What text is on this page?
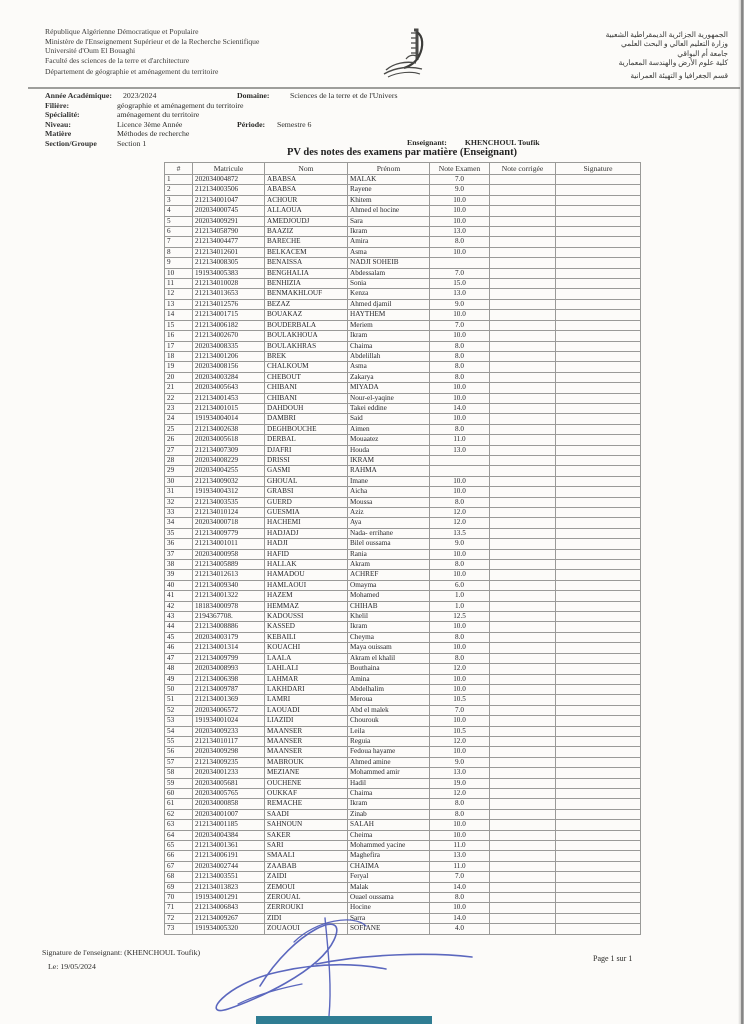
République Algérienne Démocratique et Populaire
Ministère de l'Enseignement Supérieur et de la Recherche Scientifique
Université d'Oum El Bouaghi
Faculté des sciences de la terre et d'architecture
Département de géographie et aménagement du territoire
الجمهورية الجزائرية الديمقراطية الشعبية
وزارة التعليم العالي و البحث العلمي
جامعة أم البواقي
كلية علوم الأرض والهندسة المعمارية
قسم الجغرافيا و التهيئة العمرانية
Année Académique: 2023/2024	Domaine:	Sciences de la terre et de l'Univers
Filière:	géographie et aménagement du territoire
Spécialité:	aménagement du territoire
Niveau:	Licence 3ème Année	Période: Semestre 6
Matière	Méthodes de recherche
Section/Groupe	Section 1	Enseignant: KHENCHOUL Toufik
PV des notes des examens par matière (Enseignant)
#	Matricule	Nom	Prénom	Note Examen	Note corrigée	Signature
1	202034004872	ABABSA	MALAK	7.0		
2	212134003506	ABABSA	Rayene	9.0		
3	212134001047	ACHOUR	Khitem	10.0		
4	202034000745	ALLAOUA	Ahmed el hocine	10.0		
5	202034009291	AMEDJOUDJ	Sara	10.0		
6	212134058790	BAAZIZ	Ikram	13.0		
7	212134004477	BARECHE	Amira	8.0		
8	212134012601	BELKACEM	Asma	10.0		
9	212134008305	BENAISSA	NADJI SOHEIB			
10	191934005383	BENGHALIA	Abdessalam	7.0		
11	212134010028	BENHIZIA	Sonia	15.0		
12	212134013653	BENMAKHLOUF	Kenza	13.0		
13	212134012576	BEZAZ	Ahmed djamil	9.0		
14	212134001715	BOUAKAZ	HAYTHEM	10.0		
15	212134006182	BOUDERBALA	Meriem	7.0		
16	212134002670	BOULAKHOUA	Ikram	10.0		
17	202034008335	BOULAKHRAS	Chaima	8.0		
18	212134001206	BREK	Abdelillah	8.0		
19	202034008156	CHALKOUM	Asma	8.0		
20	202034003284	CHEBOUT	Zakarya	8.0		
21	202034005643	CHIBANI	MIYADA	10.0		
22	212134001453	CHIBANI	Nour-el-yaqine	10.0		
23	212134001015	DAHDOUH	Takei eddine	14.0		
24	191934004014	DAMBRI	Said	10.0		
25	212134002638	DEGHBOUCHE	Aimen	8.0		
26	202034005618	DERBAL	Mouaatez	11.0		
27	212134007309	DJAFRI	Houda	13.0		
28	202034008229	DRISSI	IKRAM			
29	202034004255	GASMI	RAHMA			
30	212134009032	GHOUAL	Imane	10.0		
31	191934004312	GRABSI	Aicha	10.0		
32	212134003535	GUERD	Moussa	8.0		
33	212134010124	GUESMIA	Aziz	12.0		
34	202034000718	HACHEMI	Aya	12.0		
35	212134009779	HADJADJ	Nada- errihane	13.5		
36	212134001011	HADJI	Bilel oussama	9.0		
37	202034000958	HAFID	Rania	10.0		
38	212134005889	HALLAK	Akram	8.0		
39	212134012613	HAMADOU	ACHREF	10.0		
40	212134009340	HAMLAOUI	Omayma	6.0		
41	212134001322	HAZEM	Mohamed	1.0		
42	181834000978	HEMMAZ	CHIHAB	1.0		
43	2194367708.	KADOUSSI	Khelil	12.5		
44	212134008886	KASSED	Ikram	10.0		
45	202034003179	KEBAILI	Cheyma	8.0		
46	212134001314	KOUACHI	Maya ouissam	10.0		
47	212134009799	LAALA	Akram el khalil	8.0		
48	202034008993	LAHLALI	Bouthaina	12.0		
49	212134006398	LAHMAR	Amina	10.0		
50	212134009787	LAKHDARI	Abdelhalim	10.0		
51	212134001369	LAMRI	Meroua	10.5		
52	202034006572	LAOUADI	Abd el malek	7.0		
53	191934001024	LIAZIDI	Chourouk	10.0		
54	202034009233	MAANSER	Leila	10.5		
55	212134010117	MAANSER	Reguia	12.0		
56	202034009298	MAANSER	Fedoua hayame	10.0		
57	212134009235	MABROUK	Ahmed amine	9.0		
58	202034001233	MEZIANE	Mohammed amir	13.0		
59	202034005681	OUCHENE	Hadil	19.0		
60	202034005765	OUKKAF	Chaima	12.0		
61	202034000858	REMACHE	Ikram	8.0		
62	202034001007	SAADI	Zinab	8.0		
63	212134001185	SAHNOUN	SALAH	10.0		
64	202034004384	SAKER	Cheima	10.0		
65	212134001361	SARI	Mohammed yacine	11.0		
66	212134006191	SMAALI	Maghefira	13.0		
67	202034002744	ZAABAB	CHAIMA	11.0		
68	212134003551	ZAIDI	Feryal	7.0		
69	212134013823	ZEMOUI	Malak	14.0		
70	191934001291	ZEROUAL	Ouael oussama	8.0		
71	212134006843	ZERROUKI	Hocine	10.0		
72	212134009267	ZIDI	Sarra	14.0		
73	191934005320	ZOUAOUI	SOFIANE	4.0		
Signature de l'enseignant: (KHENCHOUL Toufik)
Le: 19/05/2024
Page 1 sur 1
